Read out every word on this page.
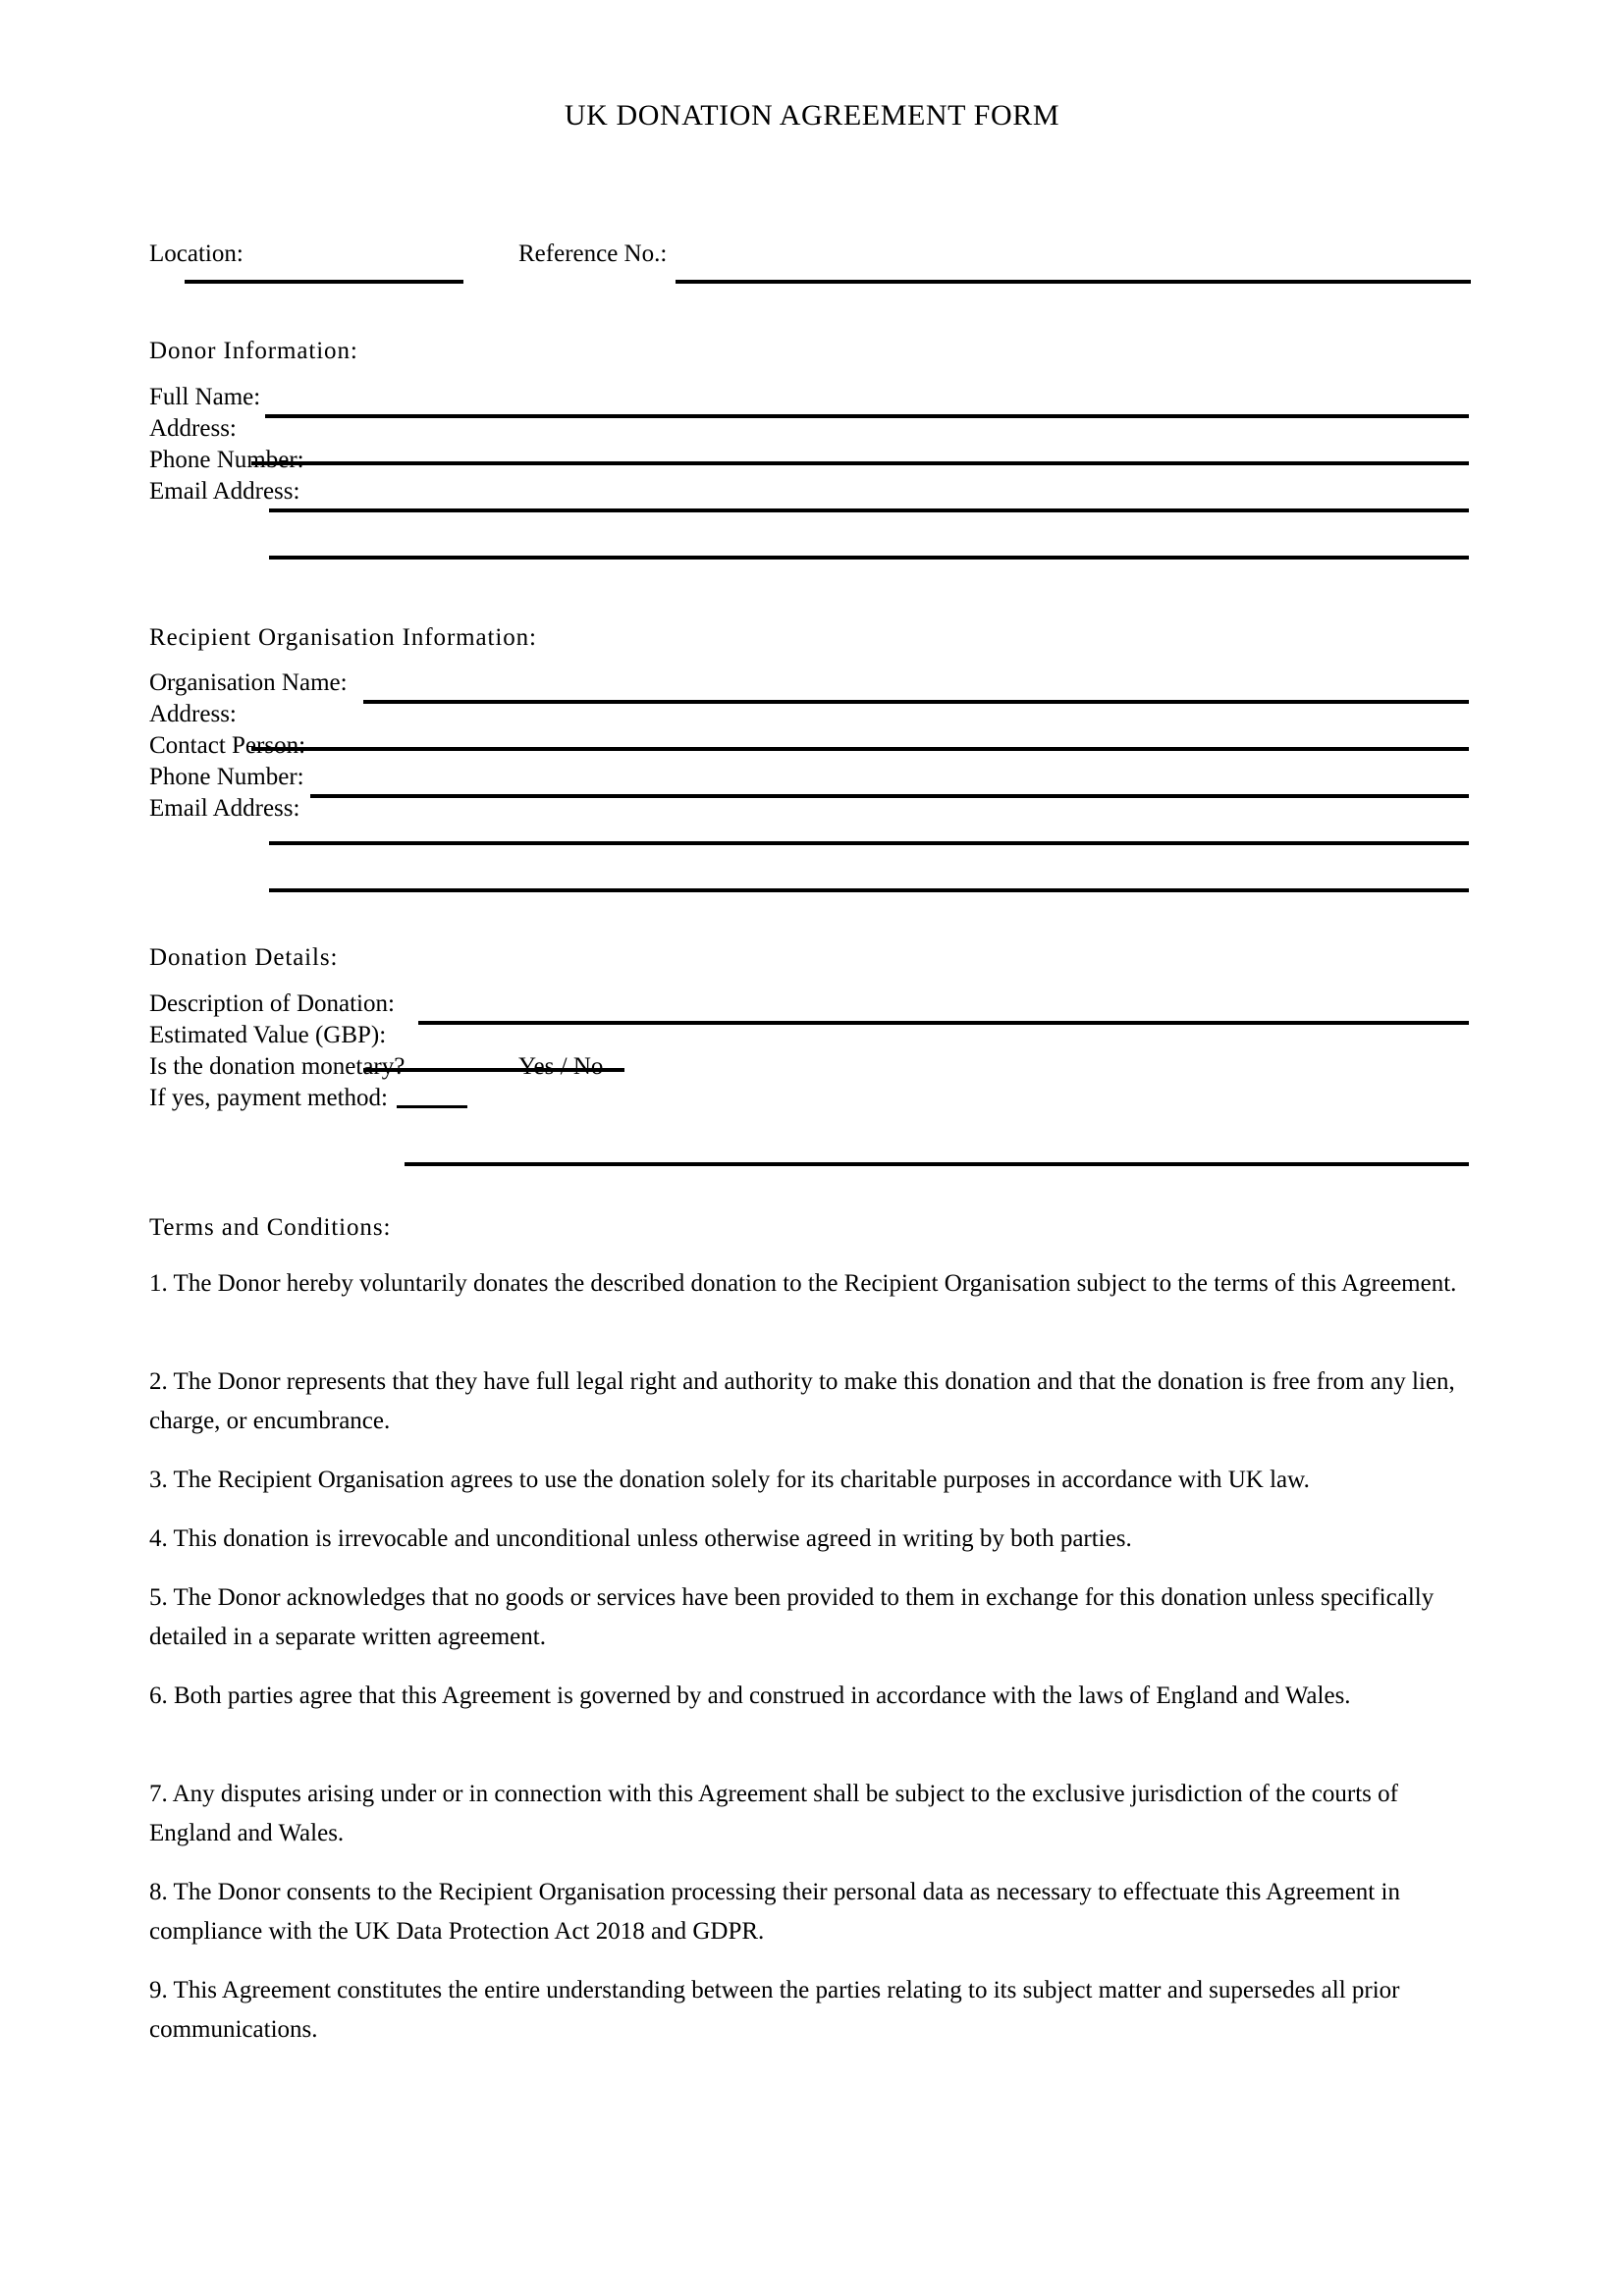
UK DONATION AGREEMENT FORM
Location:	Reference No.:
Donor Information:
Full Name:
Address:
Phone Number:
Email Address:
Recipient Organisation Information:
Organisation Name:
Address:
Contact Person:
Phone Number:
Email Address:
Donation Details:
Description of Donation:
Estimated Value (GBP):
Is the donation monetary?	Yes / No
If yes, payment method:
Terms and Conditions:
1. The Donor hereby voluntarily donates the described donation to the Recipient Organisation subject to the terms of this Agreement.
2. The Donor represents that they have full legal right and authority to make this donation and that the donation is free from any lien, charge, or encumbrance.
3. The Recipient Organisation agrees to use the donation solely for its charitable purposes in accordance with UK law.
4. This donation is irrevocable and unconditional unless otherwise agreed in writing by both parties.
5. The Donor acknowledges that no goods or services have been provided to them in exchange for this donation unless specifically detailed in a separate written agreement.
6. Both parties agree that this Agreement is governed by and construed in accordance with the laws of England and Wales.
7. Any disputes arising under or in connection with this Agreement shall be subject to the exclusive jurisdiction of the courts of England and Wales.
8. The Donor consents to the Recipient Organisation processing their personal data as necessary to effectuate this Agreement in compliance with the UK Data Protection Act 2018 and GDPR.
9. This Agreement constitutes the entire understanding between the parties relating to its subject matter and supersedes all prior communications.
